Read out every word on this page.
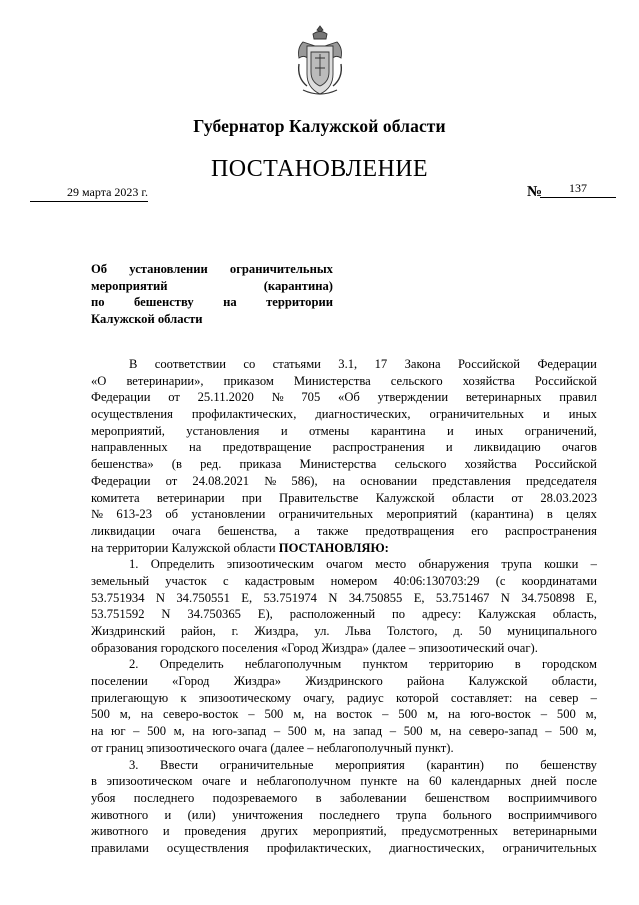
Губернатор Калужской области
ПОСТАНОВЛЕНИЕ
29 марта 2023 г.	№	137
Об установлении ограничительных
мероприятий	(карантина)
по бешенству на территории
Калужской области
В соответствии со статьями 3.1, 17 Закона Российской Федерации
«О ветеринарии», приказом Министерства сельского хозяйства Российской
Федерации от 25.11.2020 № 705 «Об утверждении ветеринарных правил
осуществления профилактических, диагностических, ограничительных и иных
мероприятий, установления и отмены карантина и иных ограничений,
направленных на предотвращение распространения и ликвидацию очагов
бешенства» (в ред. приказа Министерства сельского хозяйства Российской
Федерации от 24.08.2021 № 586), на основании представления председателя
комитета ветеринарии при Правительстве Калужской области от 28.03.2023
№ 613-23 об установлении ограничительных мероприятий (карантина) в целях
ликвидации очага бешенства, а также предотвращения его распространения
на территории Калужской области ПОСТАНОВЛЯЮ:
1. Определить эпизоотическим очагом место обнаружения трупа кошки –
земельный участок с кадастровым номером 40:06:130703:29 (с координатами
53.751934 N 34.750551 E, 53.751974 N 34.750855 E, 53.751467 N 34.750898 E,
53.751592 N 34.750365 E), расположенный по адресу: Калужская область,
Жиздринский район, г. Жиздра, ул. Льва Толстого, д. 50 муниципального
образования городского поселения «Город Жиздра» (далее – эпизоотический очаг).
2. Определить неблагополучным пунктом территорию в городском
поселении «Город Жиздра» Жиздринского района Калужской области,
прилегающую к эпизоотическому очагу, радиус которой составляет: на север –
500 м, на северо-восток – 500 м, на восток – 500 м, на юго-восток – 500 м,
на юг – 500 м, на юго-запад – 500 м, на запад – 500 м, на северо-запад – 500 м,
от границ эпизоотического очага (далее – неблагополучный пункт).
3. Ввести ограничительные мероприятия (карантин) по бешенству
в эпизоотическом очаге и неблагополучном пункте на 60 календарных дней после
убоя последнего подозреваемого в заболевании бешенством восприимчивого
животного и (или) уничтожения последнего трупа больного восприимчивого
животного и проведения других мероприятий, предусмотренных ветеринарными
правилами осуществления профилактических, диагностических, ограничительных
